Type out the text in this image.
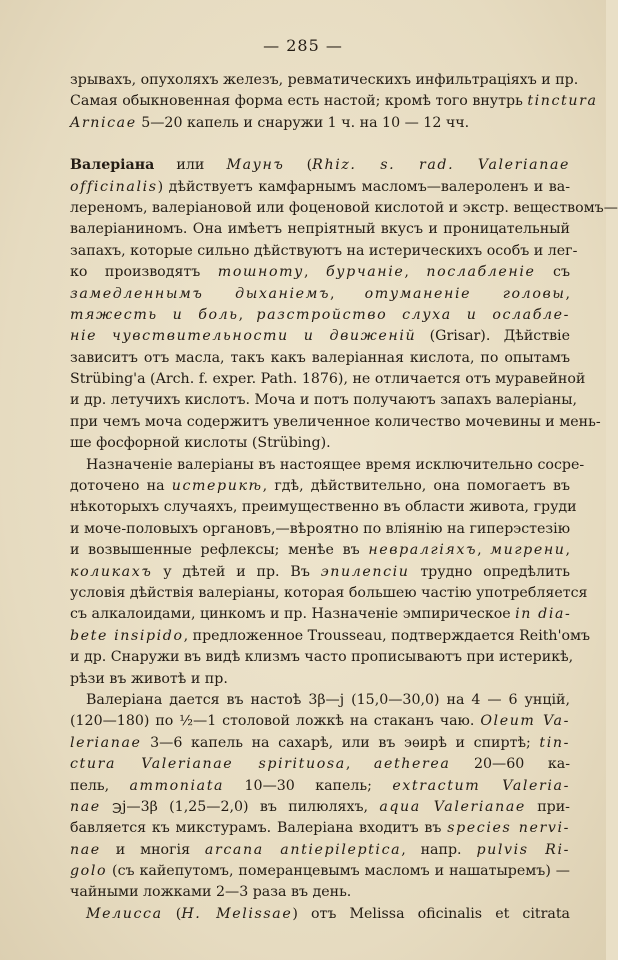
— 285 —
зрывахъ, опухоляхъ железъ, ревматическихъ инфильтраціяхъ и пр.
Самая обыкновенная форма есть настой; кромѣ того внутрь tinctura
Arnicae 5—20 капель и снаружи 1 ч. на 10 — 12 чч.
Валеріана или Маунъ (Rhiz. s. rad. Valerianae
officinalis) дѣйствуетъ камфарнымъ масломъ—валероленъ и ва-
лереномъ, валеріановой или фоценовой кислотой и экстр. веществомъ—
валеріаниномъ. Она имѣетъ непріятный вкусъ и проницательный
запахъ, которые сильно дѣйствуютъ на истерическихъ особъ и лег-
ко производятъ тошноту, бурчаніе, послабленіе съ
замедленнымъ дыханіемъ, отуманеніе головы,
тяжесть и боль, разстройство слуха и ослабле-
ніе чувствительности и движеній (Grisar). Дѣйствіе
зависитъ отъ масла, такъ какъ валеріанная кислота, по опытамъ
Strübing'а (Arch. f. exper. Path. 1876), не отличается отъ муравейной
и др. летучихъ кислотъ. Моча и потъ получаютъ запахъ валеріаны,
при чемъ моча содержитъ увеличенное количество мочевины и мень-
ше фосфорной кислоты (Strübing).
Назначеніе валеріаны въ настоящее время исключительно сосре-
доточено на истерикѣ, гдѣ, дѣйствительно, она помогаетъ въ
нѣкоторыхъ случаяхъ, преимущественно въ области живота, груди
и моче-половыхъ органовъ,—вѣроятно по вліянію на гиперэстезію
и возвышенные рефлексы; менѣе въ невралгіяхъ, мигрени,
коликахъ у дѣтей и пр. Въ эпилепсіи трудно опредѣлить
условія дѣйствія валеріаны, которая большею частію употребляется
съ алкалоидами, цинкомъ и пр. Назначеніе эмпирическое in dia-
bete insipido, предложенное Trousseau, подтверждается Reith'омъ
и др. Снаружи въ видѣ клизмъ часто прописываютъ при истерикѣ,
рѣзи въ животѣ и пр.
Валеріана дается въ настоѣ 3β—j (15,0—30,0) на 4 — 6 унцій,
(120—180) по ½—1 столовой ложкѣ на стаканъ чаю. Oleum Va-
lerianae 3—6 капель на сахарѣ, или въ эѳирѣ и спиртѣ; tin-
ctura Valerianae spirituosa, aetherea 20—60 ка-
пель, ammoniata 10—30 капель; extractum Valeria-
nae ℈j—3β (1,25—2,0) въ пилюляхъ, aqua Valerianae при-
бавляется къ микстурамъ. Валеріана входитъ въ species nervi-
nae и многія arcana antiepileptica, напр. pulvis Ri-
golo (съ кайепутомъ, померанцевымъ масломъ и нашатыремъ) —
чайными ложками 2—3 раза въ день.
Мелисса (H. Melissae) отъ Melissa oficinalis et citrata
